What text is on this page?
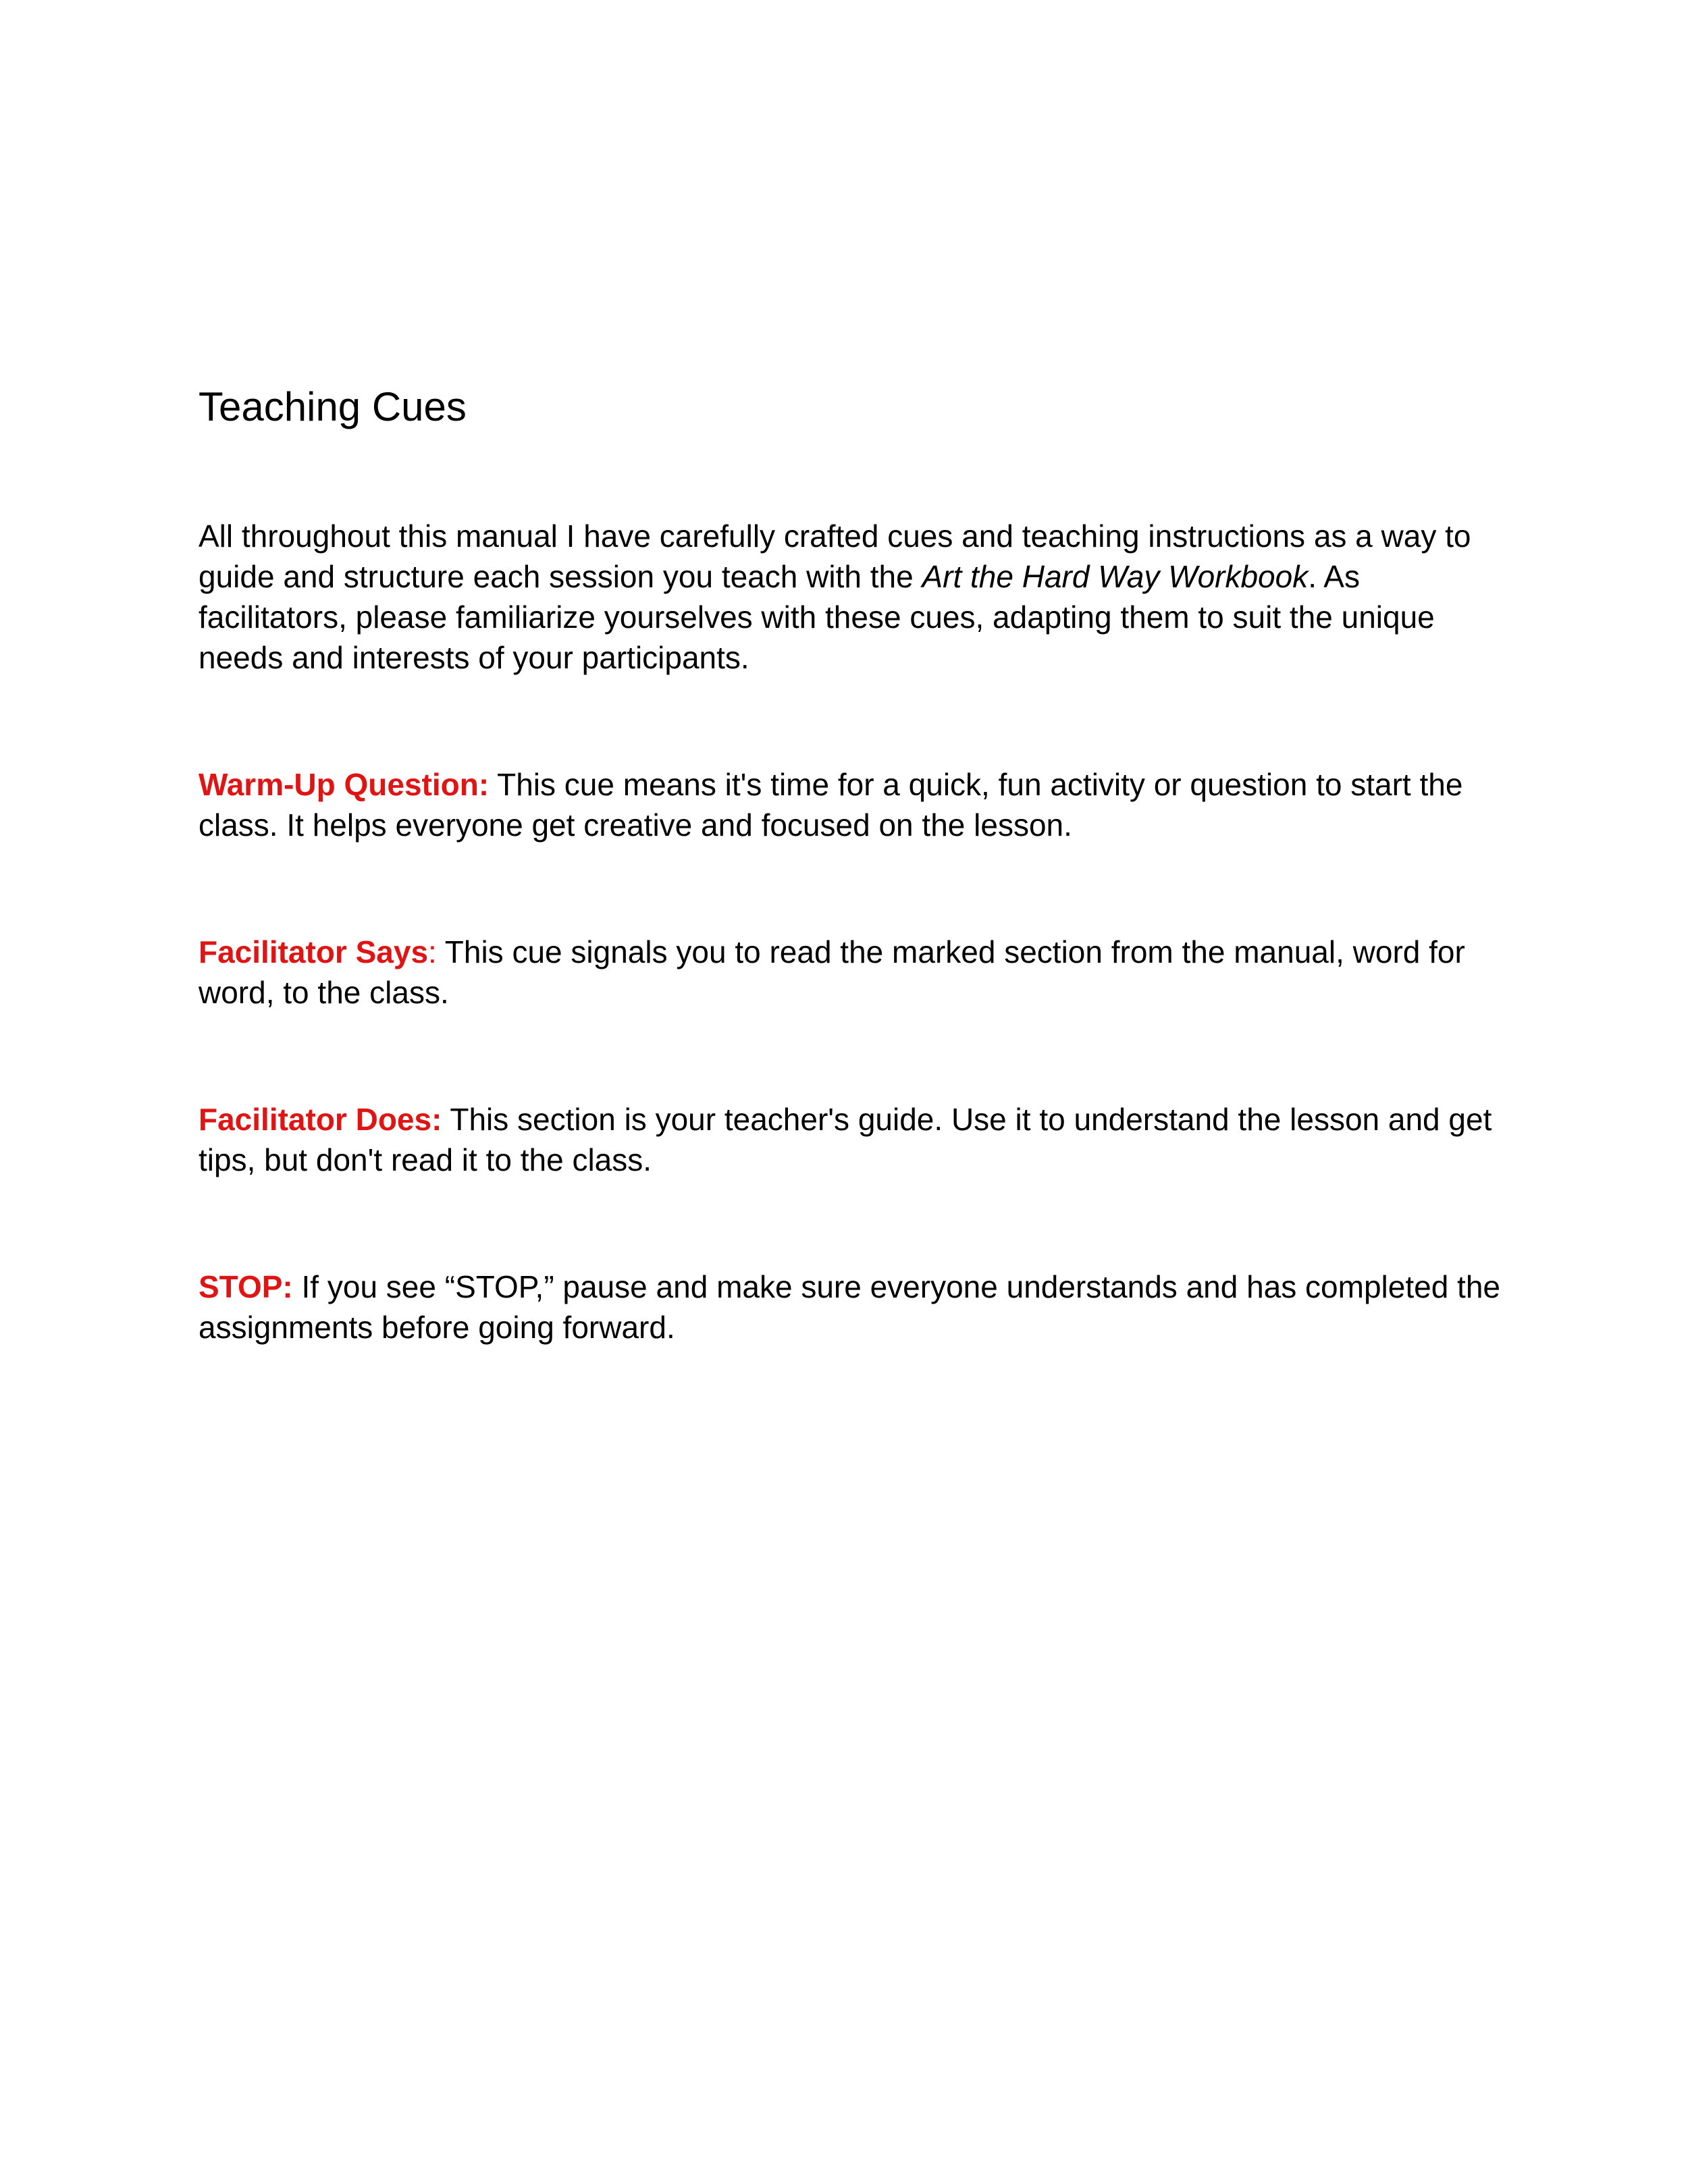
Teaching Cues

All throughout this manual I have carefully crafted cues and teaching instructions as a way to guide and structure each session you teach with the Art the Hard Way Workbook. As facilitators, please familiarize yourselves with these cues, adapting them to suit the unique needs and interests of your participants.

Warm-Up Question: This cue means it's time for a quick, fun activity or question to start the class. It helps everyone get creative and focused on the lesson.

Facilitator Says: This cue signals you to read the marked section from the manual, word for word, to the class.

Facilitator Does: This section is your teacher's guide. Use it to understand the lesson and get tips, but don't read it to the class.

STOP: If you see “STOP,” pause and make sure everyone understands and has completed the assignments before going forward.
